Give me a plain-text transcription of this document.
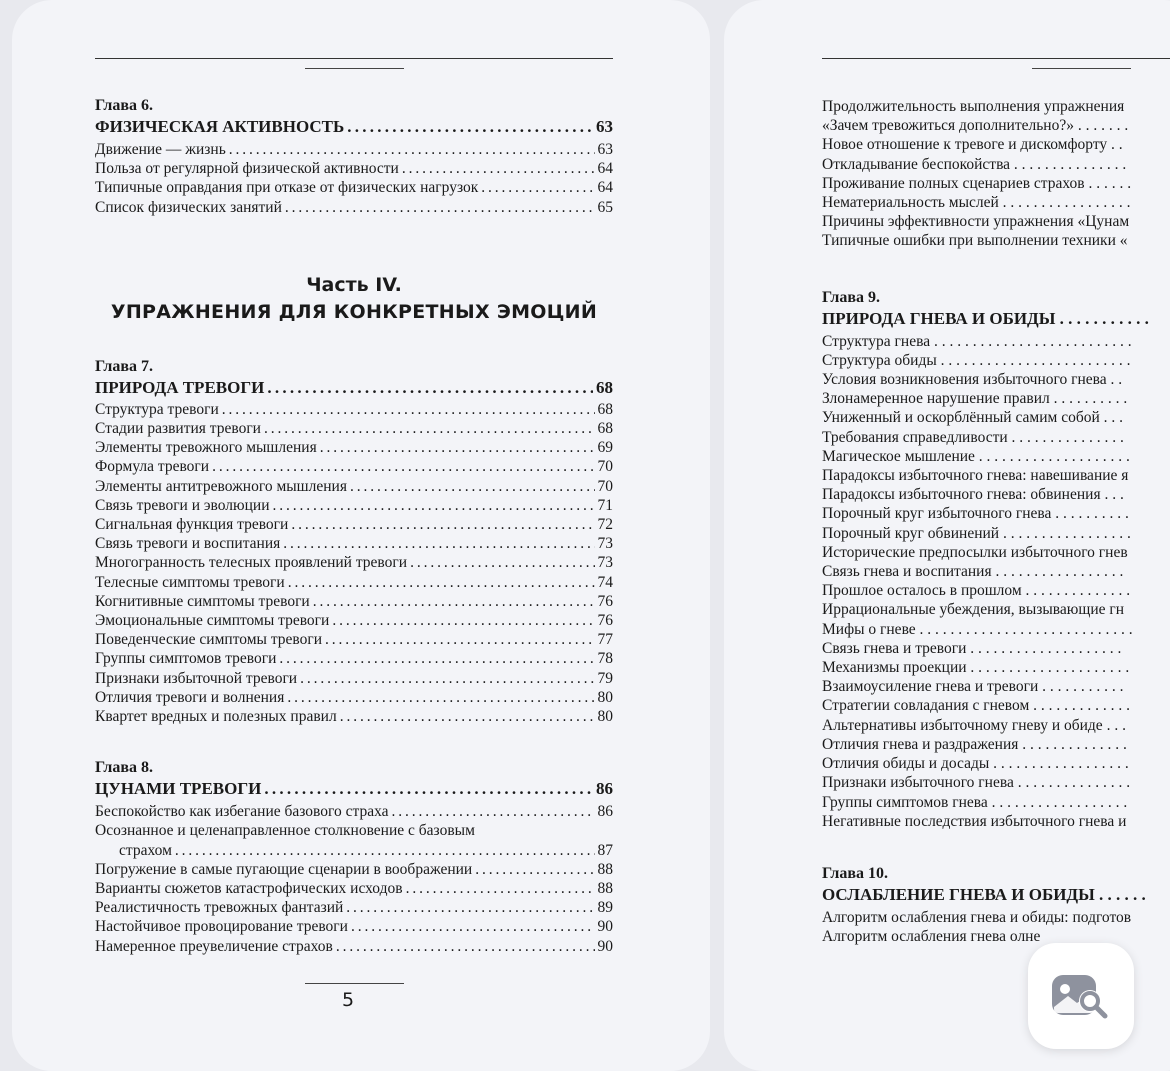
Глава 6.
ФИЗИЧЕСКАЯ АКТИВНОСТЬ . . .	63
Движение — жизнь . . .	63
Польза от регулярной физической активности . . .	64
Типичные оправдания при отказе от физических нагрузок . . .	64
Список физических занятий . . .	65
Часть IV.
УПРАЖНЕНИЯ ДЛЯ КОНКРЕТНЫХ ЭМОЦИЙ
Глава 7.
ПРИРОДА ТРЕВОГИ . . .	68
Структура тревоги . . .	68
Стадии развития тревоги . . .	68
Элементы тревожного мышления . . .	69
Формула тревоги . . .	70
Элементы антитревожного мышления . . .	70
Связь тревоги и эволюции . . .	71
Сигнальная функция тревоги . . .	72
Связь тревоги и воспитания . . .	73
Многогранность телесных проявлений тревоги . . .	73
Телесные симптомы тревоги . . .	74
Когнитивные симптомы тревоги . . .	76
Эмоциональные симптомы тревоги . . .	76
Поведенческие симптомы тревоги . . .	77
Группы симптомов тревоги . . .	78
Признаки избыточной тревоги . . .	79
Отличия тревоги и волнения . . .	80
Квартет вредных и полезных правил . . .	80
Глава 8.
ЦУНАМИ ТРЕВОГИ . . .	86
Беспокойство как избегание базового страха . . .	86
Осознанное и целенаправленное столкновение с базовым
страхом . . .	87
Погружение в самые пугающие сценарии в воображении . . .	88
Варианты сюжетов катастрофических исходов . . .	88
Реалистичность тревожных фантазий . . .	89
Настойчивое провоцирование тревоги . . .	90
Намеренное преувеличение страхов . . .	90
5
Продолжительность выполнения упражнения
«Зачем тревожиться дополнительно?» . . . . . . .
Новое отношение к тревоге и дискомфорту . .
Откладывание беспокойства . . . . . . . . . . . . . . .
Проживание полных сценариев страхов . . . . . .
Нематериальность мыслей . . . . . . . . . . . . . . . . .
Причины эффективности упражнения «Цунам
Типичные ошибки при выполнении техники «
Глава 9.
ПРИРОДА ГНЕВА И ОБИДЫ . . . . . . . . . . .
Структура гнева . . . . . . . . . . . . . . . . . . . . . . . . . .
Структура обиды . . . . . . . . . . . . . . . . . . . . . . . . .
Условия возникновения избыточного гнева . .
Злонамеренное нарушение правил . . . . . . . . . .
Униженный и оскорблённый самим собой . . .
Требования справедливости . . . . . . . . . . . . . . .
Магическое мышление . . . . . . . . . . . . . . . . . . . .
Парадоксы избыточного гнева: навешивание я
Парадоксы избыточного гнева: обвинения . . .
Порочный круг избыточного гнева . . . . . . . . . .
Порочный круг обвинений . . . . . . . . . . . . . . . . .
Исторические предпосылки избыточного гнев
Связь гнева и воспитания . . . . . . . . . . . . . . . . .
Прошлое осталось в прошлом . . . . . . . . . . . . . .
Иррациональные убеждения, вызывающие гн
Мифы о гневе . . . . . . . . . . . . . . . . . . . . . . . . . . . .
Связь гнева и тревоги . . . . . . . . . . . . . . . . . . . .
Механизмы проекции . . . . . . . . . . . . . . . . . . . . .
Взаимоусиление гнева и тревоги . . . . . . . . . . .
Стратегии совладания с гневом . . . . . . . . . . . . .
Альтернативы избыточному гневу и обиде . . .
Отличия гнева и раздражения . . . . . . . . . . . . . .
Отличия обиды и досады . . . . . . . . . . . . . . . . . .
Признаки избыточного гнева . . . . . . . . . . . . . . .
Группы симптомов гнева . . . . . . . . . . . . . . . . . .
Негативные последствия избыточного гнева и
Глава 10.
ОСЛАБЛЕНИЕ ГНЕВА И ОБИДЫ . . . . . .
Алгоритм ослабления гнева и обиды: подготов
Алгоритм ослабления гнева олне
